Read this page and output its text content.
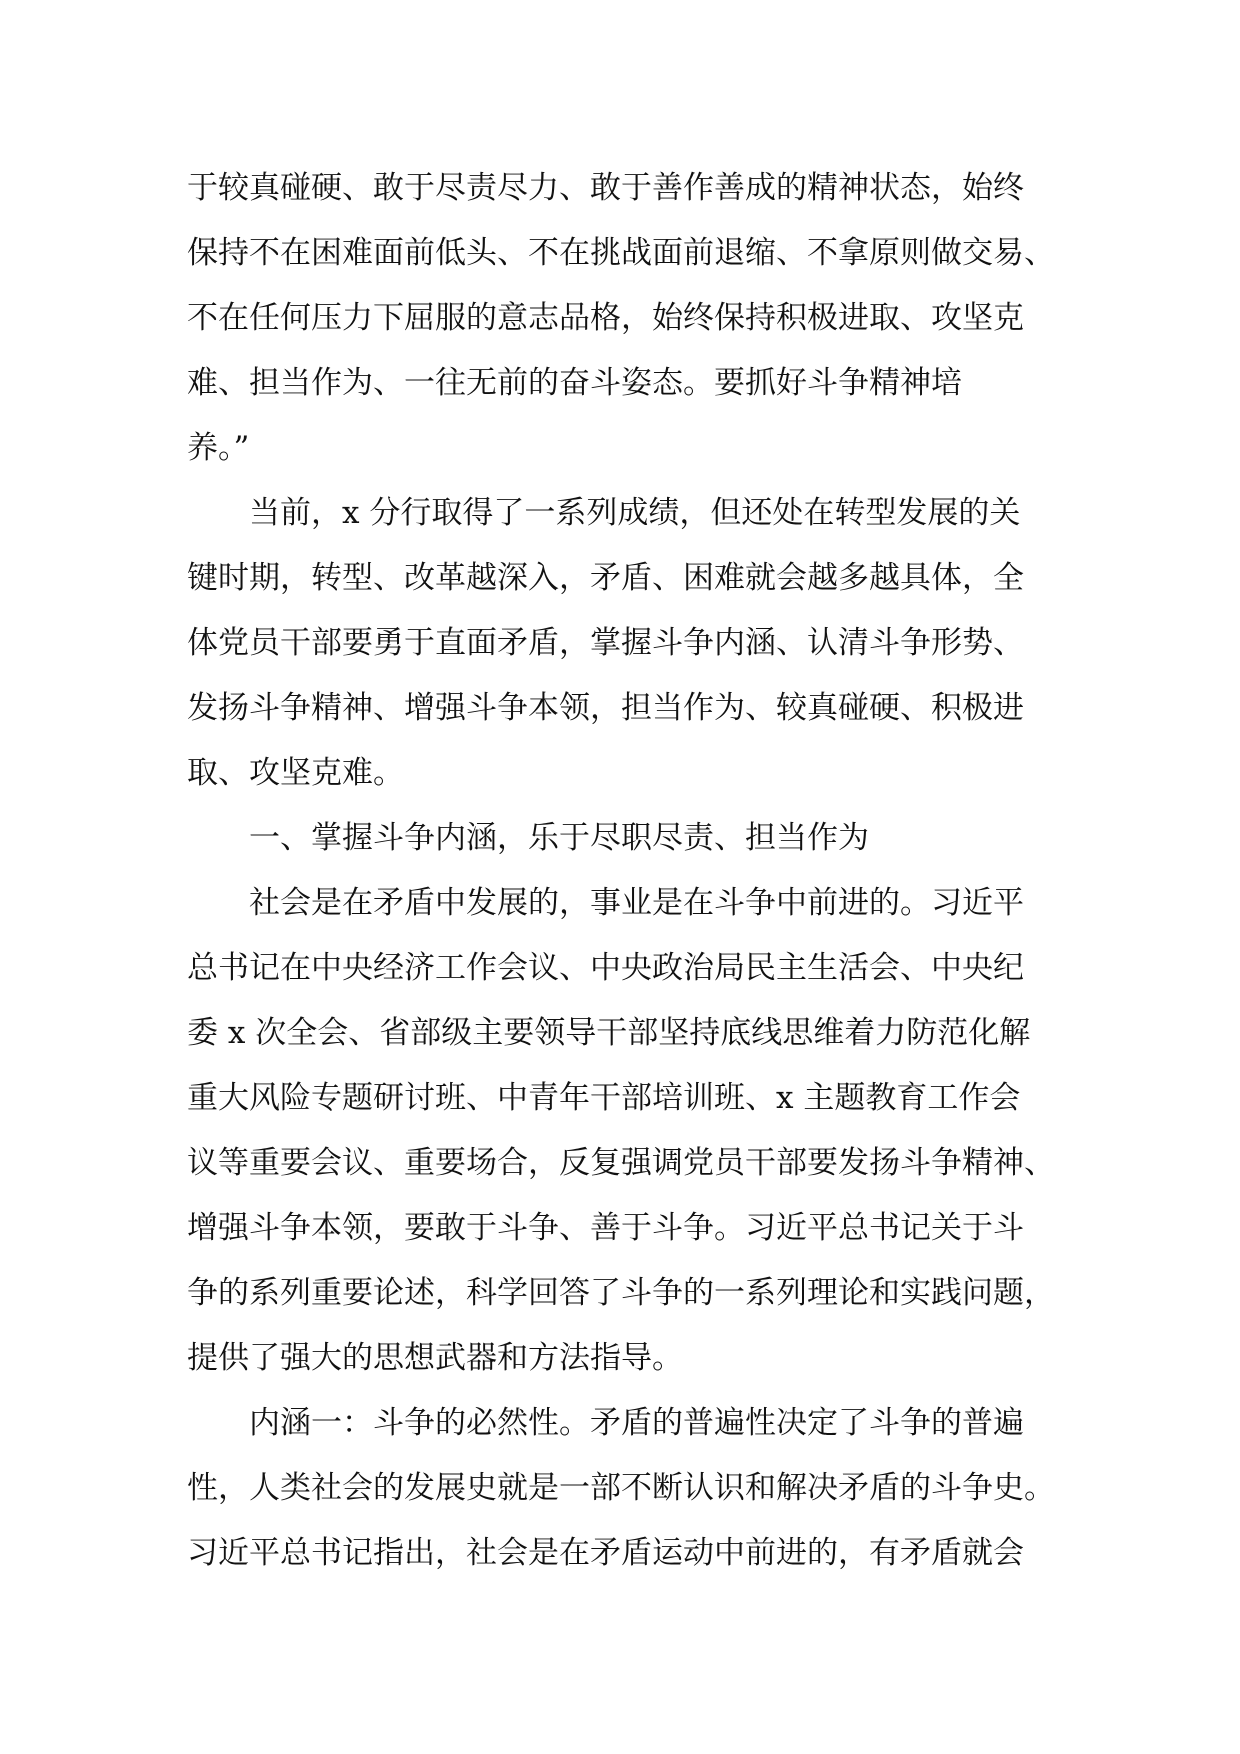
于较真碰硬、敢于尽责尽力、敢于善作善成的精神状态，始终
保持不在困难面前低头、不在挑战面前退缩、不拿原则做交易、
不在任何压力下屈服的意志品格，始终保持积极进取、攻坚克
难、担当作为、一往无前的奋斗姿态。要抓好斗争精神培
养。”
当前，x 分行取得了一系列成绩，但还处在转型发展的关
键时期，转型、改革越深入，矛盾、困难就会越多越具体，全
体党员干部要勇于直面矛盾，掌握斗争内涵、认清斗争形势、
发扬斗争精神、增强斗争本领，担当作为、较真碰硬、积极进
取、攻坚克难。
一、掌握斗争内涵，乐于尽职尽责、担当作为
社会是在矛盾中发展的，事业是在斗争中前进的。习近平
总书记在中央经济工作会议、中央政治局民主生活会、中央纪
委 x 次全会、省部级主要领导干部坚持底线思维着力防范化解
重大风险专题研讨班、中青年干部培训班、x 主题教育工作会
议等重要会议、重要场合，反复强调党员干部要发扬斗争精神、
增强斗争本领，要敢于斗争、善于斗争。习近平总书记关于斗
争的系列重要论述，科学回答了斗争的一系列理论和实践问题，
提供了强大的思想武器和方法指导。
内涵一：斗争的必然性。矛盾的普遍性决定了斗争的普遍
性，人类社会的发展史就是一部不断认识和解决矛盾的斗争史。
习近平总书记指出，社会是在矛盾运动中前进的，有矛盾就会
